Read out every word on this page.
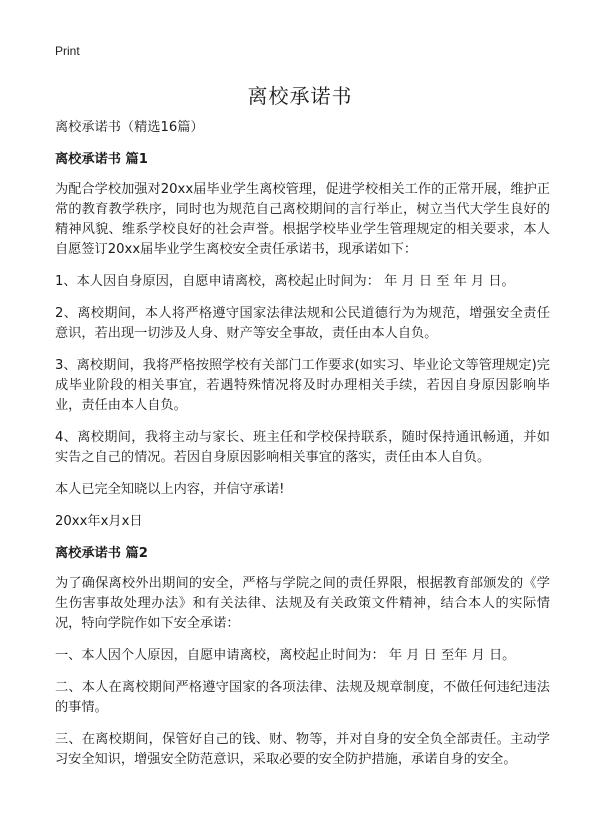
Print
离校承诺书

离校承诺书（精选16篇）

离校承诺书 篇1

为配合学校加强对20xx届毕业学生离校管理，促进学校相关工作的正常开展，维护正常的教育教学秩序，同时也为规范自己离校期间的言行举止，树立当代大学生良好的精神风貌、维系学校良好的社会声誉。根据学校毕业学生管理规定的相关要求，本人自愿签订20xx届毕业学生离校安全责任承诺书，现承诺如下：

1、本人因自身原因，自愿申请离校，离校起止时间为： 年 月 日 至 年 月 日。

2、离校期间，本人将严格遵守国家法律法规和公民道德行为为规范，增强安全责任意识，若出现一切涉及人身、财产等安全事故，责任由本人自负。

3、离校期间，我将严格按照学校有关部门工作要求(如实习、毕业论文等管理规定)完成毕业阶段的相关事宜，若遇特殊情况将及时办理相关手续，若因自身原因影响毕业，责任由本人自负。

4、离校期间，我将主动与家长、班主任和学校保持联系，随时保持通讯畅通，并如实告之自己的情况。若因自身原因影响相关事宜的落实，责任由本人自负。

本人已完全知晓以上内容，并信守承诺!

20xx年x月x日

离校承诺书 篇2

为了确保离校外出期间的安全，严格与学院之间的责任界限，根据教育部颁发的《学生伤害事故处理办法》和有关法律、法规及有关政策文件精神，结合本人的实际情况，特向学院作如下安全承诺：

一、本人因个人原因，自愿申请离校，离校起止时间为： 年 月 日 至年 月 日。

二、本人在离校期间严格遵守国家的各项法律、法规及规章制度，不做任何违纪违法的事情。

三、在离校期间，保管好自己的钱、财、物等，并对自身的安全负全部责任。主动学习安全知识，增强安全防范意识，采取必要的安全防护措施，承诺自身的安全。
